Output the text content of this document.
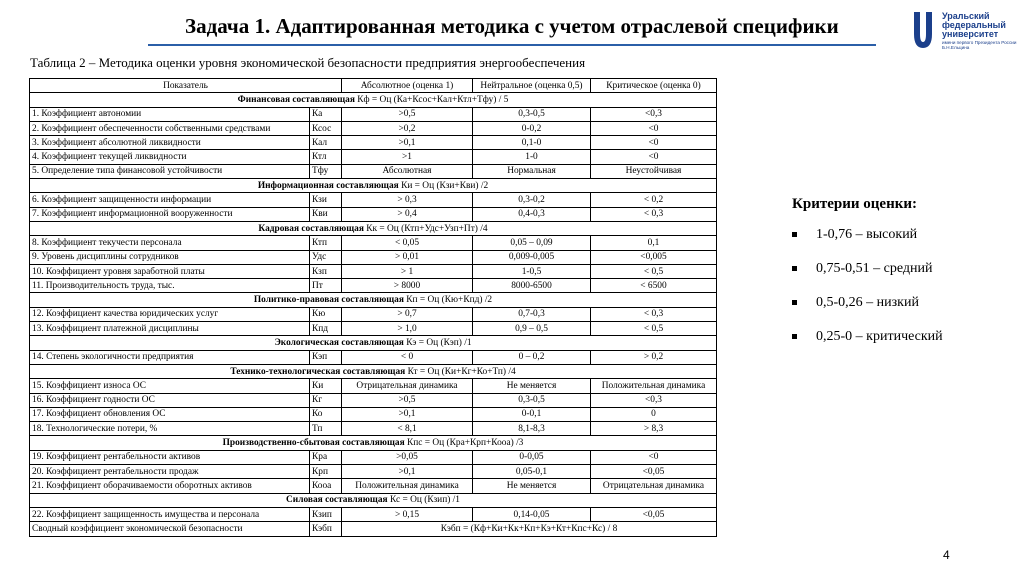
Задача 1. Адаптированная методика с учетом отраслевой специфики	Уральский
федеральный
университет
имени первого Президента России Б.Н.Ельцина
Таблица 2 – Методика оценки уровня экономической безопасности предприятия энергообеспечения
Показатель		Абсолютное (оценка 1)	Нейтральное (оценка 0,5)	Критическое (оценка 0)
Финансовая составляющая Кф = Оц (Ка+Ксос+Кал+Ктл+Тфу) / 5				
1. Коэффициент автономии	Ка	>0,5	0,3-0,5	<0,3
2. Коэффициент обеспеченности собственными средствами	Ксос	>0,2	0-0,2	<0
3. Коэффициент абсолютной ликвидности	Кал	>0,1	0,1-0	<0
4. Коэффициент текущей ликвидности	Ктл	>1	1-0	<0
5. Определение типа финансовой устойчивости	Тфу	Абсолютная	Нормальная	Неустойчивая
Информационная составляющая Ки = Оц (Кзи+Кви) /2				
6. Коэффициент защищенности информации	Кзи	> 0,3	0,3-0,2	< 0,2
7. Коэффициент информационной вооруженности	Кви	> 0,4	0,4-0,3	< 0,3
Кадровая составляющая Кк = Оц (Ктп+Удс+Узп+Пт) /4				
8. Коэффициент текучести персонала	Ктп	< 0,05	0,05 – 0,09	0,1
9. Уровень дисциплины сотрудников	Удс	> 0,01	0,009-0,005	<0,005
10. Коэффициент уровня заработной платы	Кзп	> 1	1-0,5	< 0,5
11. Производительность труда, тыс.	Пт	> 8000	8000-6500	< 6500
Политико-правовая составляющая Кп = Оц (Кю+Кпд) /2				
12. Коэффициент качества юридических услуг	Кю	> 0,7	0,7-0,3	< 0,3
13. Коэффициент платежной дисциплины	Кпд	> 1,0	0,9 – 0,5	< 0,5
Экологическая составляющая Кэ = Оц (Кэп) /1				
14. Степень экологичности предприятия	Кэп	< 0	0 – 0,2	> 0,2
Технико-технологическая составляющая Кт = Оц (Ки+Кг+Ко+Тп) /4				
15. Коэффициент износа ОС	Ки	Отрицательная динамика	Не меняется	Положительная динамика
16. Коэффициент годности ОС	Кг	>0,5	0,3-0,5	<0,3
17. Коэффициент обновления ОС	Ко	>0,1	0-0,1	0
18. Технологические потери, %	Тп	< 8,1	8,1-8,3	> 8,3
Производственно-сбытовая составляющая Кпс = Оц (Кра+Крп+Кооа) /3				
19. Коэффициент рентабельности активов	Кра	>0,05	0-0,05	<0
20. Коэффициент рентабельности продаж	Крп	>0,1	0,05-0,1	<0,05
21. Коэффициент оборачиваемости оборотных активов	Кооа	Положительная динамика	Не меняется	Отрицательная динамика
Силовая составляющая Кс = Оц (Кзип) /1				
22. Коэффициент защищенность имущества и персонала	Кзип	> 0,15	0,14-0,05	<0,05
Сводный коэффициент экономической безопасности	Кэбп	Кэбп = (Кф+Ки+Кк+Кп+Кэ+Кт+Кпс+Кс) / 8		
Критерии оценки:
1-0,76 – высокий
0,75-0,51 – средний
0,5-0,26 – низкий
0,25-0 – критический
4
